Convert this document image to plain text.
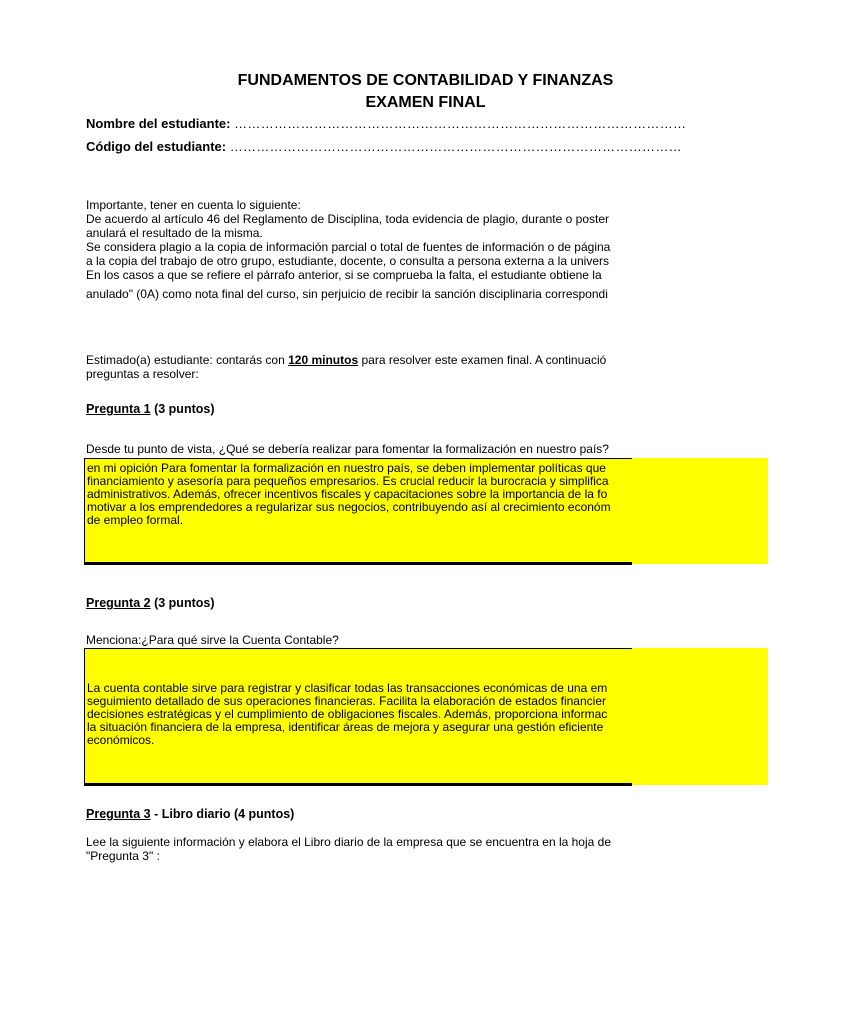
FUNDAMENTOS DE CONTABILIDAD Y FINANZAS
EXAMEN FINAL
Nombre del estudiante: …………………………………………………………………………………………
Código del estudiante: …………………………………………………………………………………………
Importante, tener en cuenta lo siguiente:
De acuerdo al artículo 46 del Reglamento de Disciplina, toda evidencia de plagio, durante o poster
anulará el resultado de la misma.
Se considera plagio a la copia de información parcial o total de fuentes de información o de página
a la copia del trabajo de otro grupo, estudiante, docente, o consulta a persona externa a la univers
En los casos a que se refiere el párrafo anterior, si se comprueba la falta, el estudiante obtiene la
anulado" (0A) como nota final del curso, sin perjuicio de recibir la sanción disciplinaria correspondi
Estimado(a) estudiante: contarás con 120 minutos para resolver este examen final. A continuació
preguntas a resolver:
Pregunta 1 (3 puntos)
Desde tu punto de vista, ¿Qué se debería realizar para fomentar la formalización en nuestro país?
en mi opición Para fomentar la formalización en nuestro país, se deben implementar políticas que
financiamiento y asesoría para pequeños empresarios. Es crucial reducir la burocracia y simplifica
administrativos. Además, ofrecer incentivos fiscales y capacitaciones sobre la importancia de la fo
motivar a los emprendedores a regularizar sus negocios, contribuyendo así al crecimiento económ
de empleo formal.
Pregunta 2 (3 puntos)
Menciona:¿Para qué sirve la Cuenta Contable?
La cuenta contable sirve para registrar y clasificar todas las transacciones económicas de una em
seguimiento detallado de sus operaciones financieras. Facilita la elaboración de estados financier
decisiones estratégicas y el cumplimiento de obligaciones fiscales. Además, proporciona informac
la situación financiera de la empresa, identificar áreas de mejora y asegurar una gestión eficiente
económicos.
Pregunta 3 - Libro diario (4 puntos)
Lee la siguiente información y elabora el Libro diario de la empresa que se encuentra en la hoja de
"Pregunta 3" :
